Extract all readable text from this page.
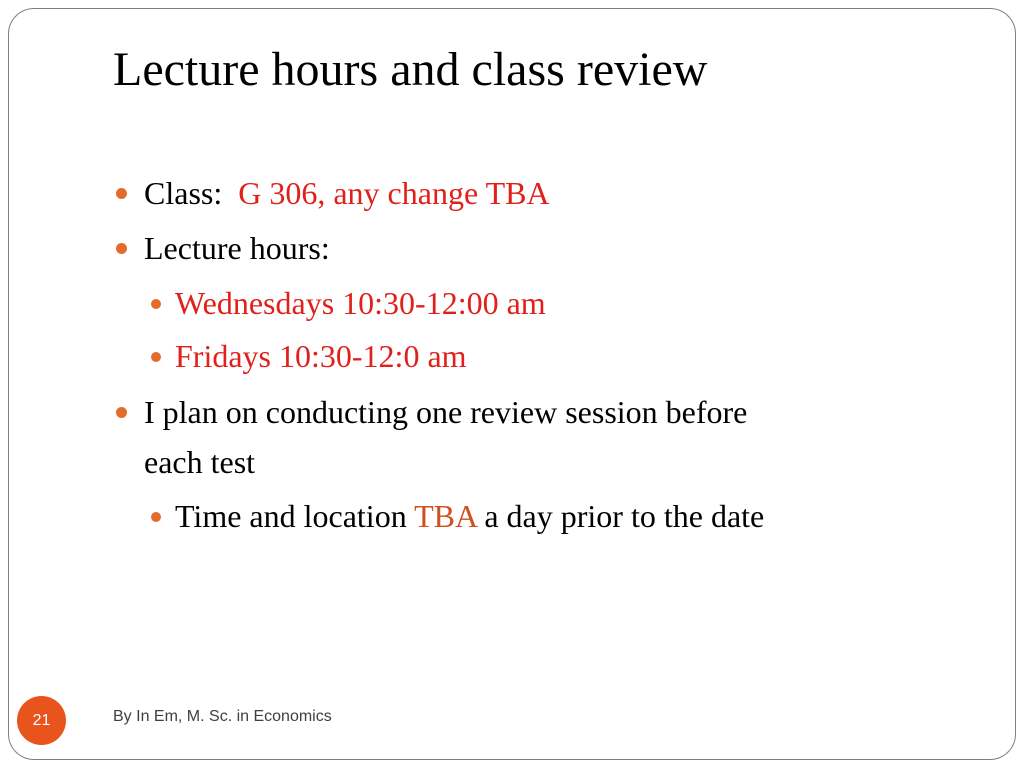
Lecture hours and class review
Class:  G 306, any change TBA
Lecture hours:
Wednesdays 10:30-12:00 am
Fridays 10:30-12:0 am
I plan on conducting one review session before
each test
Time and location TBA a day prior to the date
By In Em, M. Sc. in Economics
21
